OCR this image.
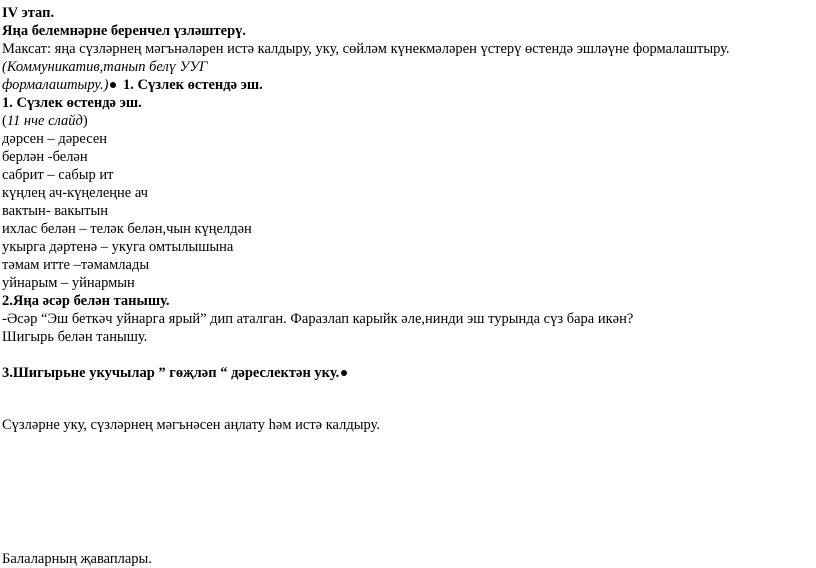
IV этап.
Яңа белемнәрне беренчел үзләштерү.
Максат: яңа сүзләрнең мәгънәләрен истә калдыру, уку, сөйләм күнекмәләрен үстерү өстендә эшләүне формалаштыру.
(Коммуникатив,танып белү УУГ
формалаштыру.) 1. Сүзлек өстендә эш.
1. Сүзлек өстендә эш.
(11 нче слайд)
дәрсен – дәресен
берлән -белән
сабрит – сабыр ит
күңлең ач-күңелеңне ач
вактын- вакытын
ихлас белән – теләк белән,чын күңелдән
укырга дәртенә – укуга омтылышына
тәмам итте –тәмамлады
уйнарым – уйнармын
2.Яңа әсәр белән танышу.
-Әсәр “Эш беткәч уйнарга ярый” дип аталган. Фаразлап карыйк әле,нинди эш турында сүз бара икән?
Шигырь белән танышу.
3.Шигырьне укучылар ” гөҗләп “ дәреслектән уку.
Сүзләрне уку, сүзләрнең мәгънәсен аңлату һәм истә калдыру.
Балаларның җаваплары.
